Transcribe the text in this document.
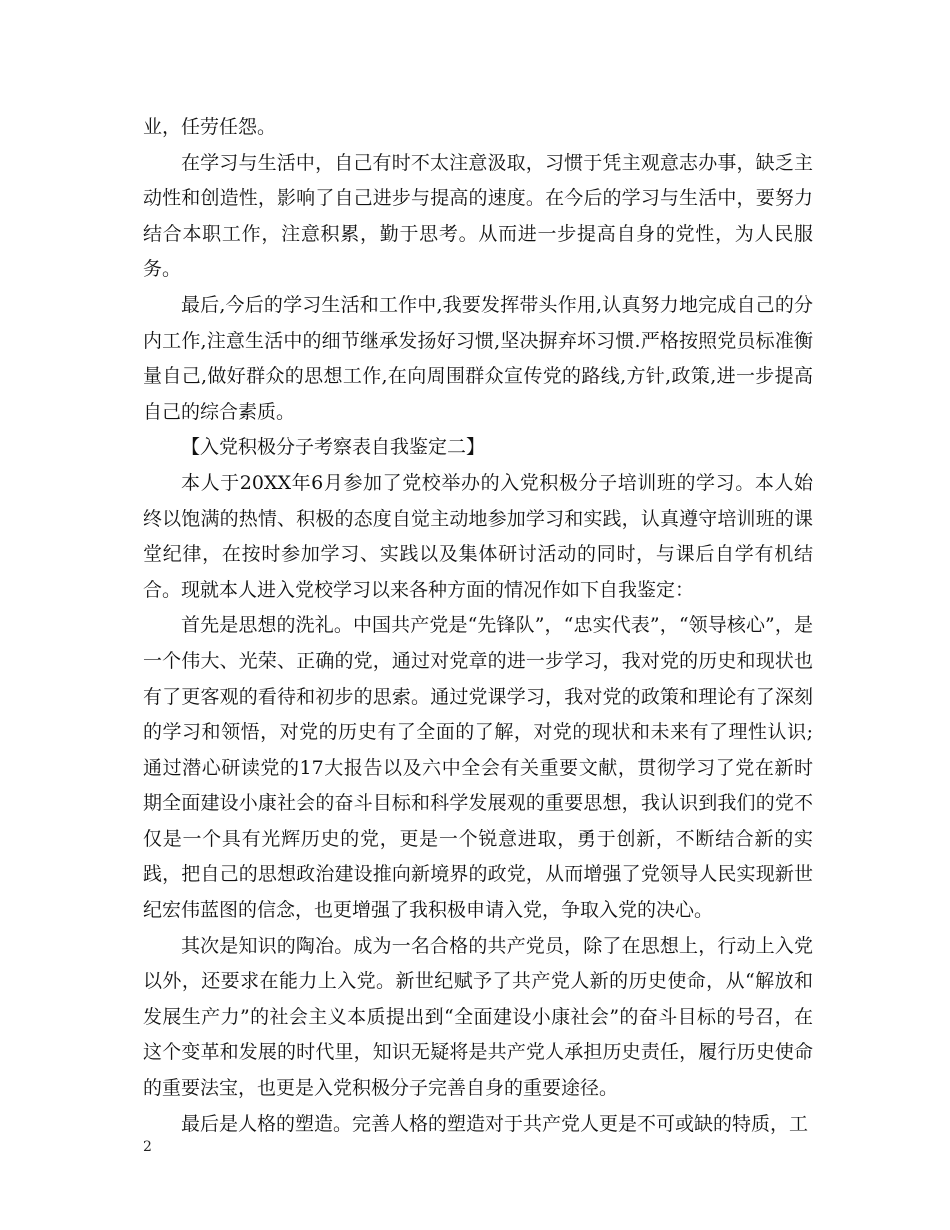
业，任劳任怨。

在学习与生活中，自己有时不太注意汲取，习惯于凭主观意志办事，缺乏主动性和创造性，影响了自己进步与提高的速度。在今后的学习与生活中，要努力结合本职工作，注意积累，勤于思考。从而进一步提高自身的党性，为人民服务。

最后,今后的学习生活和工作中,我要发挥带头作用,认真努力地完成自己的分内工作,注意生活中的细节继承发扬好习惯,坚决摒弃坏习惯.严格按照党员标准衡量自己,做好群众的思想工作,在向周围群众宣传党的路线,方针,政策,进一步提高自己的综合素质。

【入党积极分子考察表自我鉴定二】

本人于20XX年6月参加了党校举办的入党积极分子培训班的学习。本人始终以饱满的热情、积极的态度自觉主动地参加学习和实践，认真遵守培训班的课堂纪律，在按时参加学习、实践以及集体研讨活动的同时，与课后自学有机结合。现就本人进入党校学习以来各种方面的情况作如下自我鉴定：

首先是思想的洗礼。中国共产党是“先锋队”，“忠实代表”，“领导核心”，是一个伟大、光荣、正确的党，通过对党章的进一步学习，我对党的历史和现状也有了更客观的看待和初步的思索。通过党课学习，我对党的政策和理论有了深刻的学习和领悟，对党的历史有了全面的了解，对党的现状和未来有了理性认识;通过潜心研读党的17大报告以及六中全会有关重要文献，贯彻学习了党在新时期全面建设小康社会的奋斗目标和科学发展观的重要思想，我认识到我们的党不仅是一个具有光辉历史的党，更是一个锐意进取，勇于创新，不断结合新的实践，把自己的思想政治建设推向新境界的政党，从而增强了党领导人民实现新世纪宏伟蓝图的信念，也更增强了我积极申请入党，争取入党的决心。

其次是知识的陶冶。成为一名合格的共产党员，除了在思想上，行动上入党以外，还要求在能力上入党。新世纪赋予了共产党人新的历史使命，从“解放和发展生产力”的社会主义本质提出到“全面建设小康社会”的奋斗目标的号召，在这个变革和发展的时代里，知识无疑将是共产党人承担历史责任，履行历史使命的重要法宝，也更是入党积极分子完善自身的重要途径。

最后是人格的塑造。完善人格的塑造对于共产党人更是不可或缺的特质，工

2
